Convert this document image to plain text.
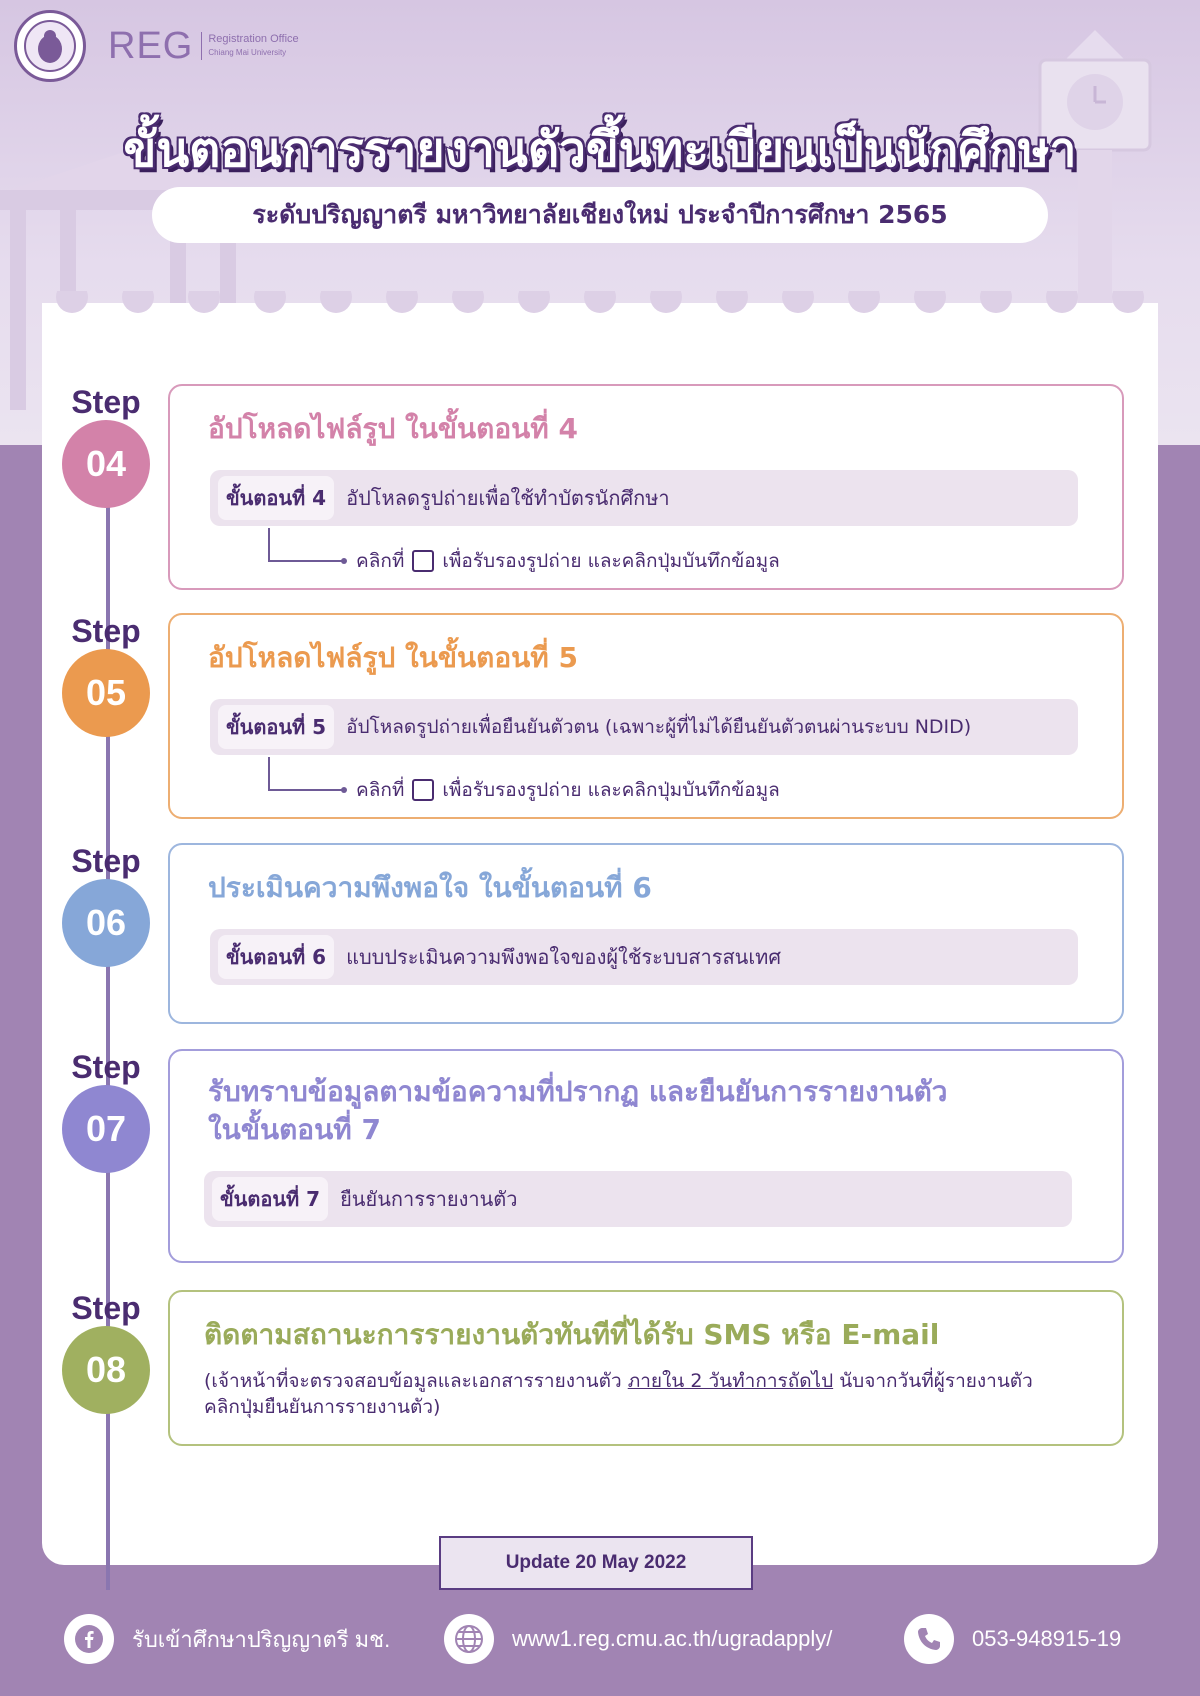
REG Registration Office
Chiang Mai University
ขั้นตอนการรายงานตัวขึ้นทะเบียนเป็นนักศึกษา
ระดับปริญญาตรี มหาวิทยาลัยเชียงใหม่ ประจำปีการศึกษา 2565
Step
04
อัปโหลดไฟล์รูป ในขั้นตอนที่ 4
ขั้นตอนที่ 4	อัปโหลดรูปถ่ายเพื่อใช้ทำบัตรนักศึกษา
คลิกที่ เพื่อรับรองรูปถ่าย และคลิกปุ่มบันทึกข้อมูล
Step
05
อัปโหลดไฟล์รูป ในขั้นตอนที่ 5
ขั้นตอนที่ 5	อัปโหลดรูปถ่ายเพื่อยืนยันตัวตน (เฉพาะผู้ที่ไม่ได้ยืนยันตัวตนผ่านระบบ NDID)
คลิกที่ เพื่อรับรองรูปถ่าย และคลิกปุ่มบันทึกข้อมูล
Step
06
ประเมินความพึงพอใจ ในขั้นตอนที่ 6
ขั้นตอนที่ 6	แบบประเมินความพึงพอใจของผู้ใช้ระบบสารสนเทศ
Step
07
รับทราบข้อมูลตามข้อความที่ปรากฏ และยืนยันการรายงานตัว
ในขั้นตอนที่ 7
ขั้นตอนที่ 7	ยืนยันการรายงานตัว
Step
08
ติดตามสถานะการรายงานตัวทันทีที่ได้รับ SMS หรือ E-mail
(เจ้าหน้าที่จะตรวจสอบข้อมูลและเอกสารรายงานตัว ภายใน 2 วันทำการถัดไป นับจากวันที่ผู้รายงานตัว
คลิกปุ่มยืนยันการรายงานตัว)
Update 20 May 2022
รับเข้าศึกษาปริญญาตรี มช.	www1.reg.cmu.ac.th/ugradapply/	053-948915-19
